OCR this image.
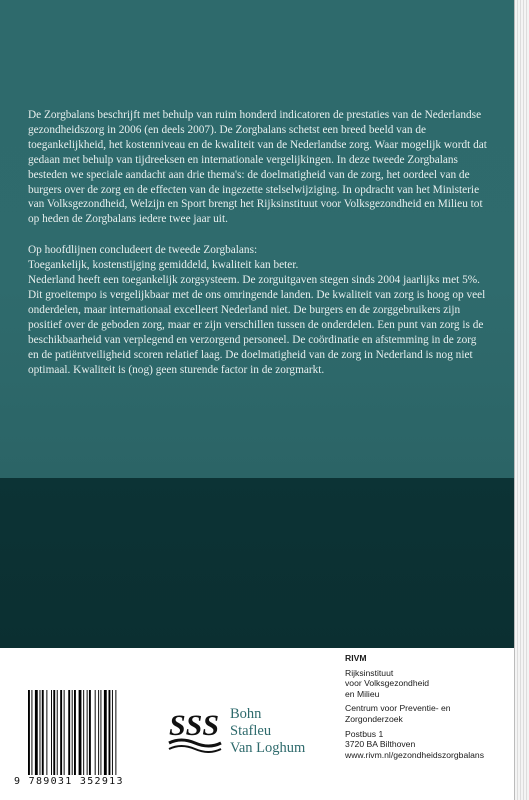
De Zorgbalans beschrijft met behulp van ruim honderd indicatoren de prestaties van de Nederlandse gezondheidszorg in 2006 (en deels 2007). De Zorgbalans schetst een breed beeld van de toegankelijkheid, het kostenniveau en de kwaliteit van de Nederlandse zorg. Waar mogelijk wordt dat gedaan met behulp van tijdreeksen en internationale vergelijkingen. In deze tweede Zorgbalans besteden we speciale aandacht aan drie thema's: de doelmatigheid van de zorg, het oordeel van de burgers over de zorg en de effecten van de ingezette stelselwijziging. In opdracht van het Ministerie van Volksgezondheid, Welzijn en Sport brengt het Rijksinstituut voor Volksgezondheid en Milieu tot op heden de Zorgbalans iedere twee jaar uit.

Op hoofdlijnen concludeert de tweede Zorgbalans:

Toegankelijk, kostenstijging gemiddeld, kwaliteit kan beter.

Nederland heeft een toegankelijk zorgsysteem. De zorguitgaven stegen sinds 2004 jaarlijks met 5%. Dit groeitempo is vergelijkbaar met de ons omringende landen. De kwaliteit van zorg is hoog op veel onderdelen, maar internationaal excelleert Nederland niet. De burgers en de zorggebruikers zijn positief over de geboden zorg, maar er zijn verschillen tussen de onderdelen. Een punt van zorg is de beschikbaarheid van verplegend en verzorgend personeel. De coördinatie en afstemming in de zorg en de patiëntveiligheid scoren relatief laag. De doelmatigheid van de zorg in Nederland is nog niet optimaal. Kwaliteit is (nog) geen sturende factor in de zorgmarkt.

9 789031 352913
SSS Bohn
Stafleu
Van Loghum
RIVM
Rijksinstituut
voor Volksgezondheid
en Milieu
Centrum voor Preventie- en
Zorgonderzoek
Postbus 1
3720 BA Bilthoven
www.rivm.nl/gezondheidszorgbalans
